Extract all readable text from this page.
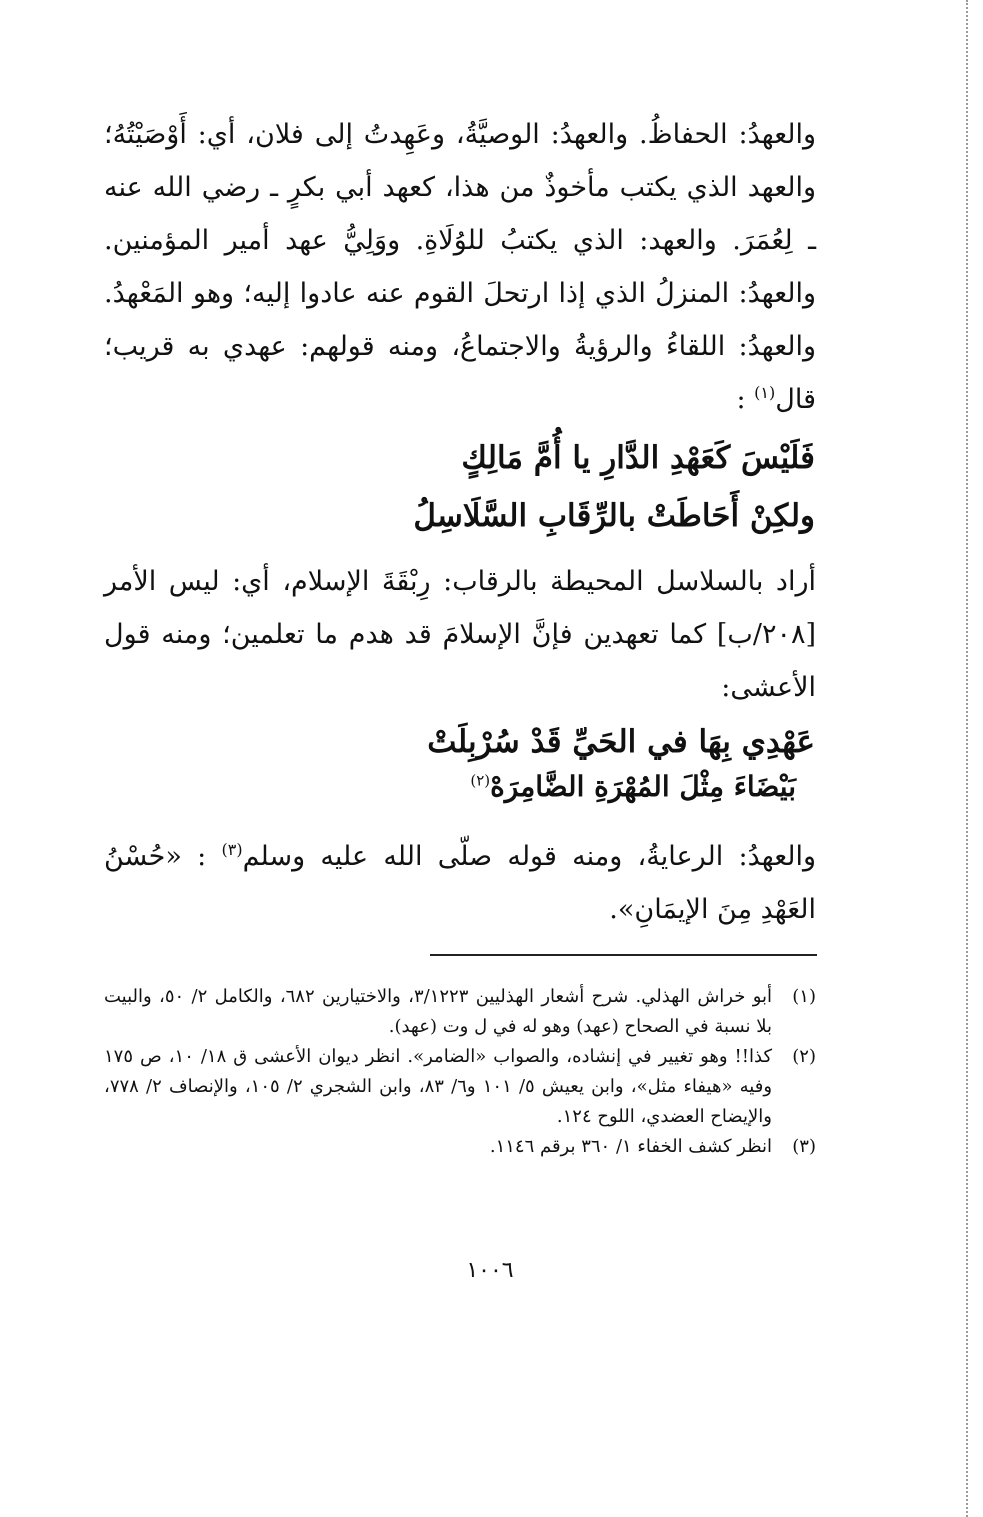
والعهدُ: الحفاظُ. والعهدُ: الوصيَّةُ، وعَهِدتُ إلى فلان، أي: أَوْصَيْتُهُ؛ والعهد الذي يكتب مأخوذٌ من هذا، كعهد أبي بكرٍ ـ رضي الله عنه ـ لِعُمَرَ. والعهد: الذي يكتبُ للوُلَاةِ. ووَلِيُّ عهد أمير المؤمنين. والعهدُ: المنزلُ الذي إذا ارتحلَ القوم عنه عادوا إليه؛ وهو المَعْهدُ. والعهدُ: اللقاءُ والرؤيةُ والاجتماعُ، ومنه قولهم: عهدي به قريب؛ قال$^{(١)}$ :
فَلَيْسَ كَعَهْدِ الدَّارِ يا أُمَّ مَالِكٍ
ولكِنْ أَحَاطَتْ بالرِّقَابِ السَّلَاسِلُ
أراد بالسلاسل المحيطة بالرقاب: رِبْقَةَ الإسلام، أي: ليس الأمر [٢٠٨/ب] كما تعهدين فإنَّ الإسلامَ قد هدم ما تعلمين؛ ومنه قول الأعشى:
عَهْدِي بِهَا في الحَيِّ قَدْ سُرْبِلَتْ
بَيْضَاءَ مِثْلَ المُهْرَةِ الضَّامِرَهْ$^{(٢)}$
والعهدُ: الرعايةُ، ومنه قوله صلّى الله عليه وسلم$^{(٣)}$ : «حُسْنُ العَهْدِ مِنَ الإيمَانِ».
(١)
أبو خراش الهذلي. شرح أشعار الهذليين ٣/١٢٢٣، والاختيارين ٦٨٢، والكامل ٢/ ٥٠، والبيت بلا نسبة في الصحاح (عهد) وهو له في ل وت (عهد).
(٢)
كذا!! وهو تغيير في إنشاده، والصواب «الضامر». انظر ديوان الأعشى ق ١٨/ ١٠، ص ١٧٥ وفيه «هيفاء مثل»، وابن يعيش ٥/ ١٠١ و٦/ ٨٣، وابن الشجري ٢/ ١٠٥، والإنصاف ٢/ ٧٧٨، والإيضاح العضدي، اللوح ١٢٤.
(٣)
انظر كشف الخفاء ١/ ٣٦٠ برقم ١١٤٦.
١٠٠٦
